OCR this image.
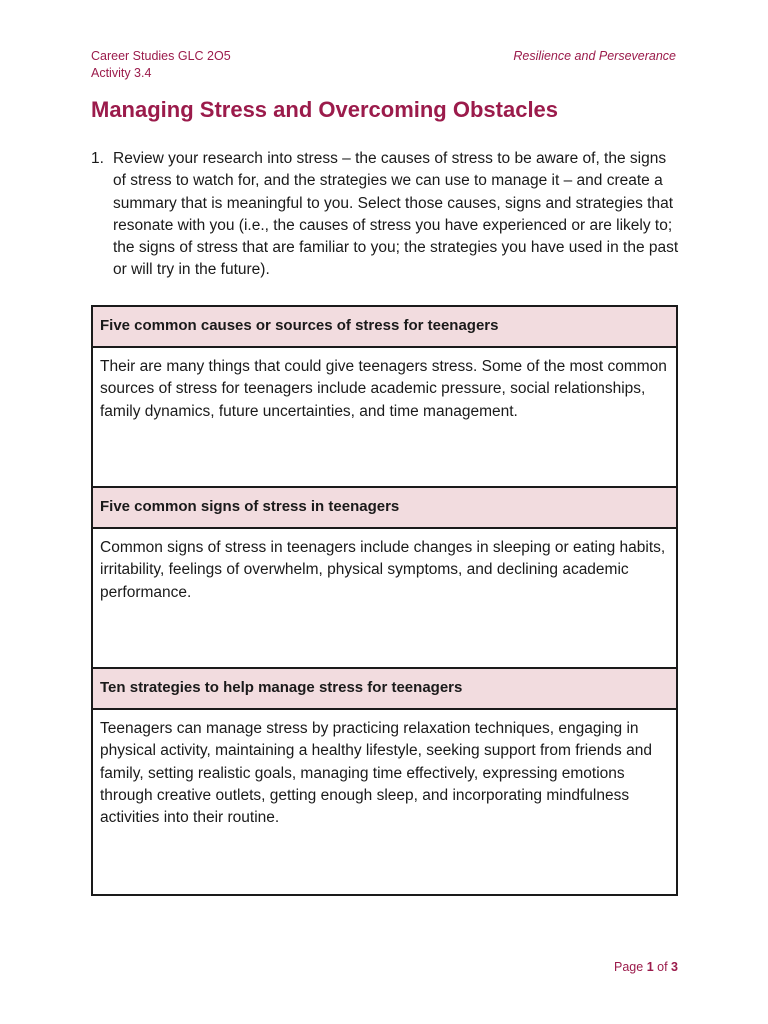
Career Studies GLC 2O5
Activity 3.4
Resilience and Perseverance
Managing Stress and Overcoming Obstacles
1. Review your research into stress – the causes of stress to be aware of, the signs of stress to watch for, and the strategies we can use to manage it – and create a summary that is meaningful to you. Select those causes, signs and strategies that resonate with you (i.e., the causes of stress you have experienced or are likely to; the signs of stress that are familiar to you; the strategies you have used in the past or will try in the future).
Five common causes or sources of stress for teenagers
Their are many things that could give teenagers stress. Some of the most common sources of stress for teenagers include academic pressure, social relationships, family dynamics, future uncertainties, and time management.
Five common signs of stress in teenagers
Common signs of stress in teenagers include changes in sleeping or eating habits, irritability, feelings of overwhelm, physical symptoms, and declining academic performance.
Ten strategies to help manage stress for teenagers
Teenagers can manage stress by practicing relaxation techniques, engaging in physical activity, maintaining a healthy lifestyle, seeking support from friends and family, setting realistic goals, managing time effectively, expressing emotions through creative outlets, getting enough sleep, and incorporating mindfulness activities into their routine.
Page 1 of 3
